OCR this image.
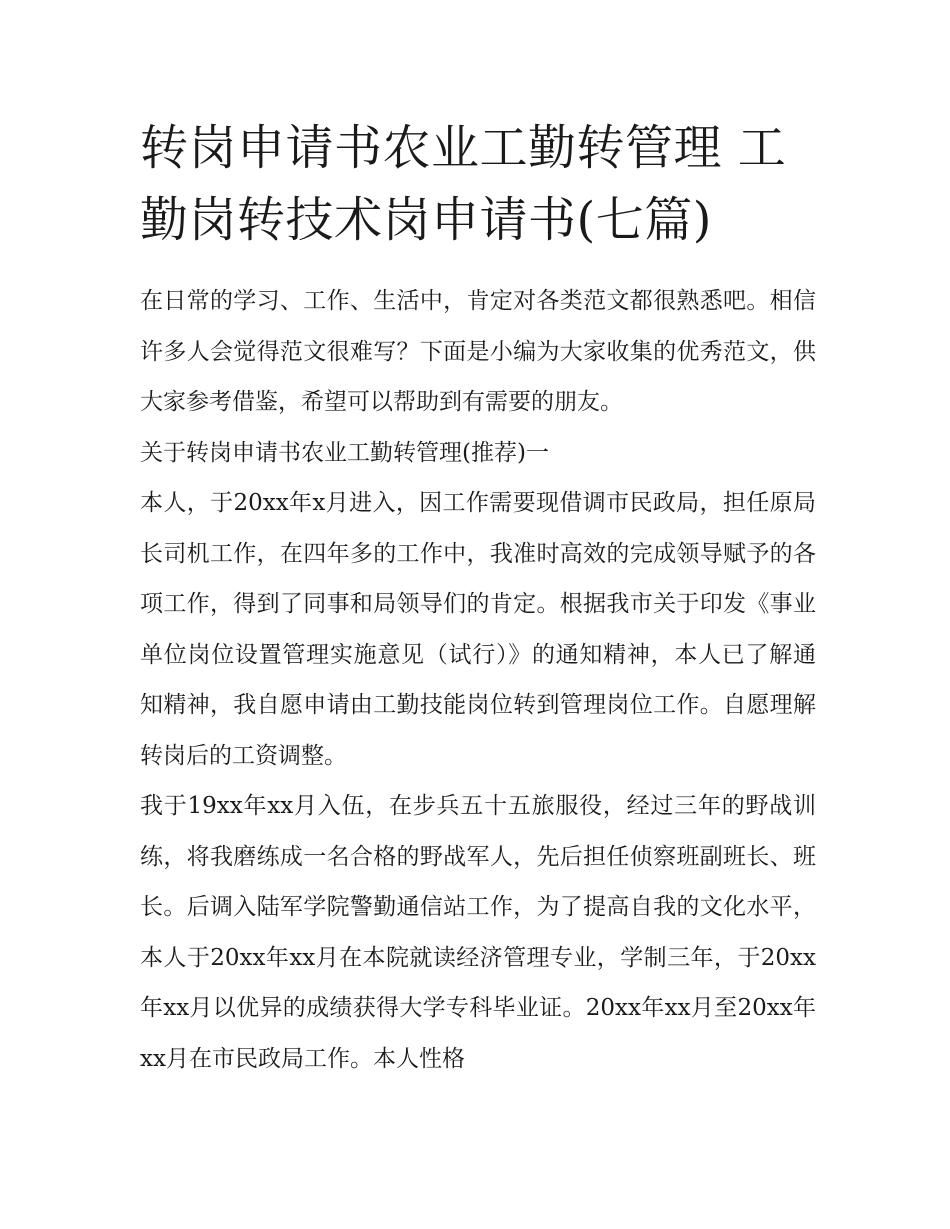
转岗申请书农业工勤转管理 工勤岗转技术岗申请书(七篇)

在日常的学习、工作、生活中，肯定对各类范文都很熟悉吧。相信许多人会觉得范文很难写？下面是小编为大家收集的优秀范文，供大家参考借鉴，希望可以帮助到有需要的朋友。

关于转岗申请书农业工勤转管理(推荐)一

本人，于20xx年x月进入，因工作需要现借调市民政局，担任原局长司机工作，在四年多的工作中，我准时高效的完成领导赋予的各项工作，得到了同事和局领导们的肯定。根据我市关于印发《事业单位岗位设置管理实施意见（试行）》的通知精神，本人已了解通知精神，我自愿申请由工勤技能岗位转到管理岗位工作。自愿理解转岗后的工资调整。

我于19xx年xx月入伍，在步兵五十五旅服役，经过三年的野战训练，将我磨练成一名合格的野战军人，先后担任侦察班副班长、班长。后调入陆军学院警勤通信站工作，为了提高自我的文化水平，本人于20xx年xx月在本院就读经济管理专业，学制三年，于20xx年xx月以优异的成绩获得大学专科毕业证。20xx年xx月至20xx年xx月在市民政局工作。本人性格
